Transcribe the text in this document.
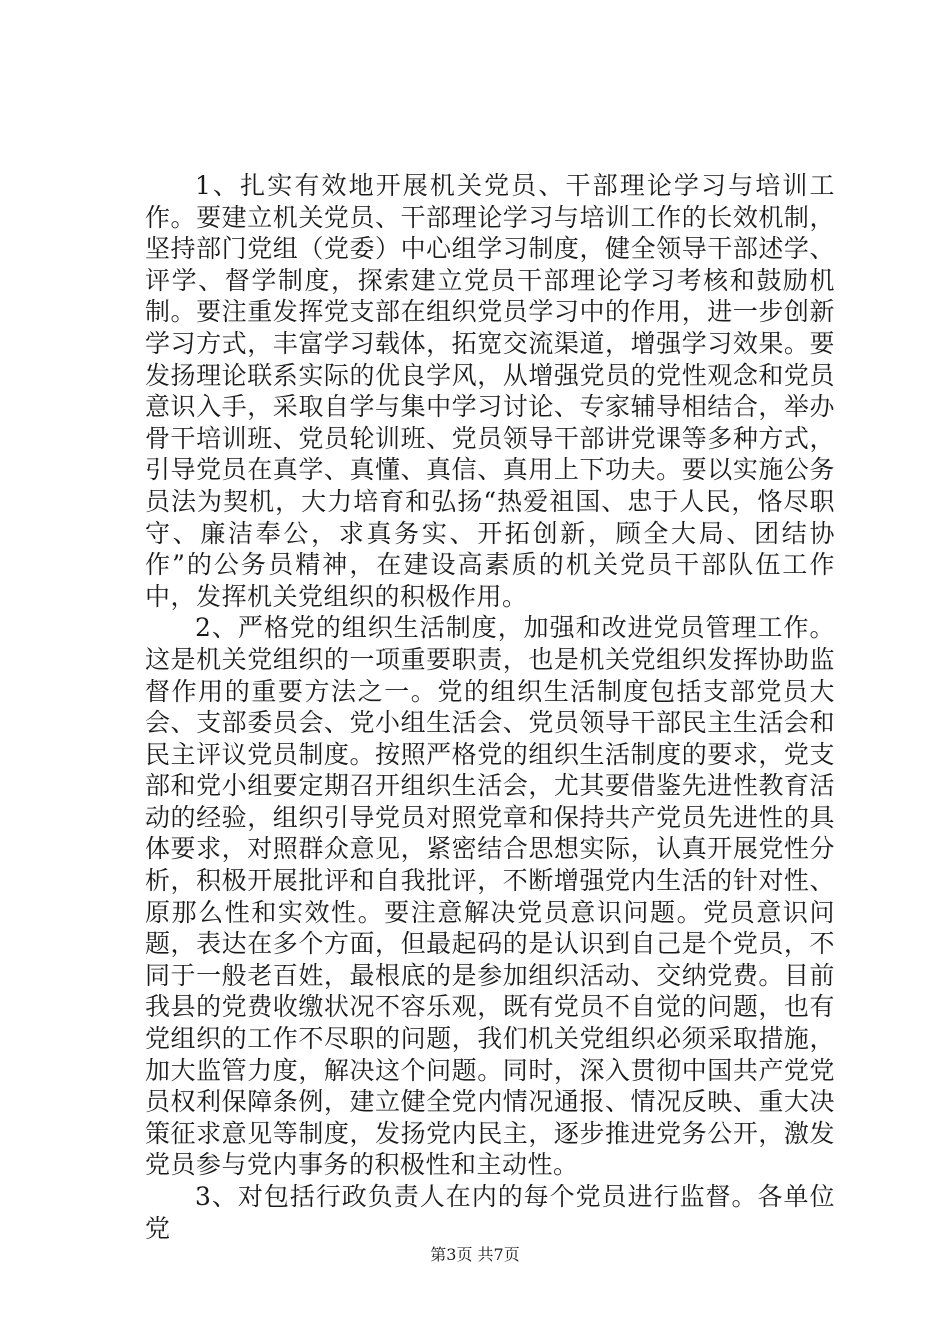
1、扎实有效地开展机关党员、干部理论学习与培训工作。要建立机关党员、干部理论学习与培训工作的长效机制，坚持部门党组（党委）中心组学习制度，健全领导干部述学、评学、督学制度，探索建立党员干部理论学习考核和鼓励机制。要注重发挥党支部在组织党员学习中的作用，进一步创新学习方式，丰富学习载体，拓宽交流渠道，增强学习效果。要发扬理论联系实际的优良学风，从增强党员的党性观念和党员意识入手，采取自学与集中学习讨论、专家辅导相结合，举办骨干培训班、党员轮训班、党员领导干部讲党课等多种方式，引导党员在真学、真懂、真信、真用上下功夫。要以实施公务员法为契机，大力培育和弘扬“热爱祖国、忠于人民，恪尽职守、廉洁奉公，求真务实、开拓创新，顾全大局、团结协作”的公务员精神，在建设高素质的机关党员干部队伍工作中，发挥机关党组织的积极作用。

2、严格党的组织生活制度，加强和改进党员管理工作。这是机关党组织的一项重要职责，也是机关党组织发挥协助监督作用的重要方法之一。党的组织生活制度包括支部党员大会、支部委员会、党小组生活会、党员领导干部民主生活会和民主评议党员制度。按照严格党的组织生活制度的要求，党支部和党小组要定期召开组织生活会，尤其要借鉴先进性教育活动的经验，组织引导党员对照党章和保持共产党员先进性的具体要求，对照群众意见，紧密结合思想实际，认真开展党性分析，积极开展批评和自我批评，不断增强党内生活的针对性、原那么性和实效性。要注意解决党员意识问题。党员意识问题，表达在多个方面，但最起码的是认识到自己是个党员，不同于一般老百姓，最根底的是参加组织活动、交纳党费。目前我县的党费收缴状况不容乐观，既有党员不自觉的问题，也有党组织的工作不尽职的问题，我们机关党组织必须采取措施，加大监管力度，解决这个问题。同时，深入贯彻中国共产党党员权利保障条例，建立健全党内情况通报、情况反映、重大决策征求意见等制度，发扬党内民主，逐步推进党务公开，激发党员参与党内事务的积极性和主动性。

3、对包括行政负责人在内的每个党员进行监督。各单位党

第3页 共7页
